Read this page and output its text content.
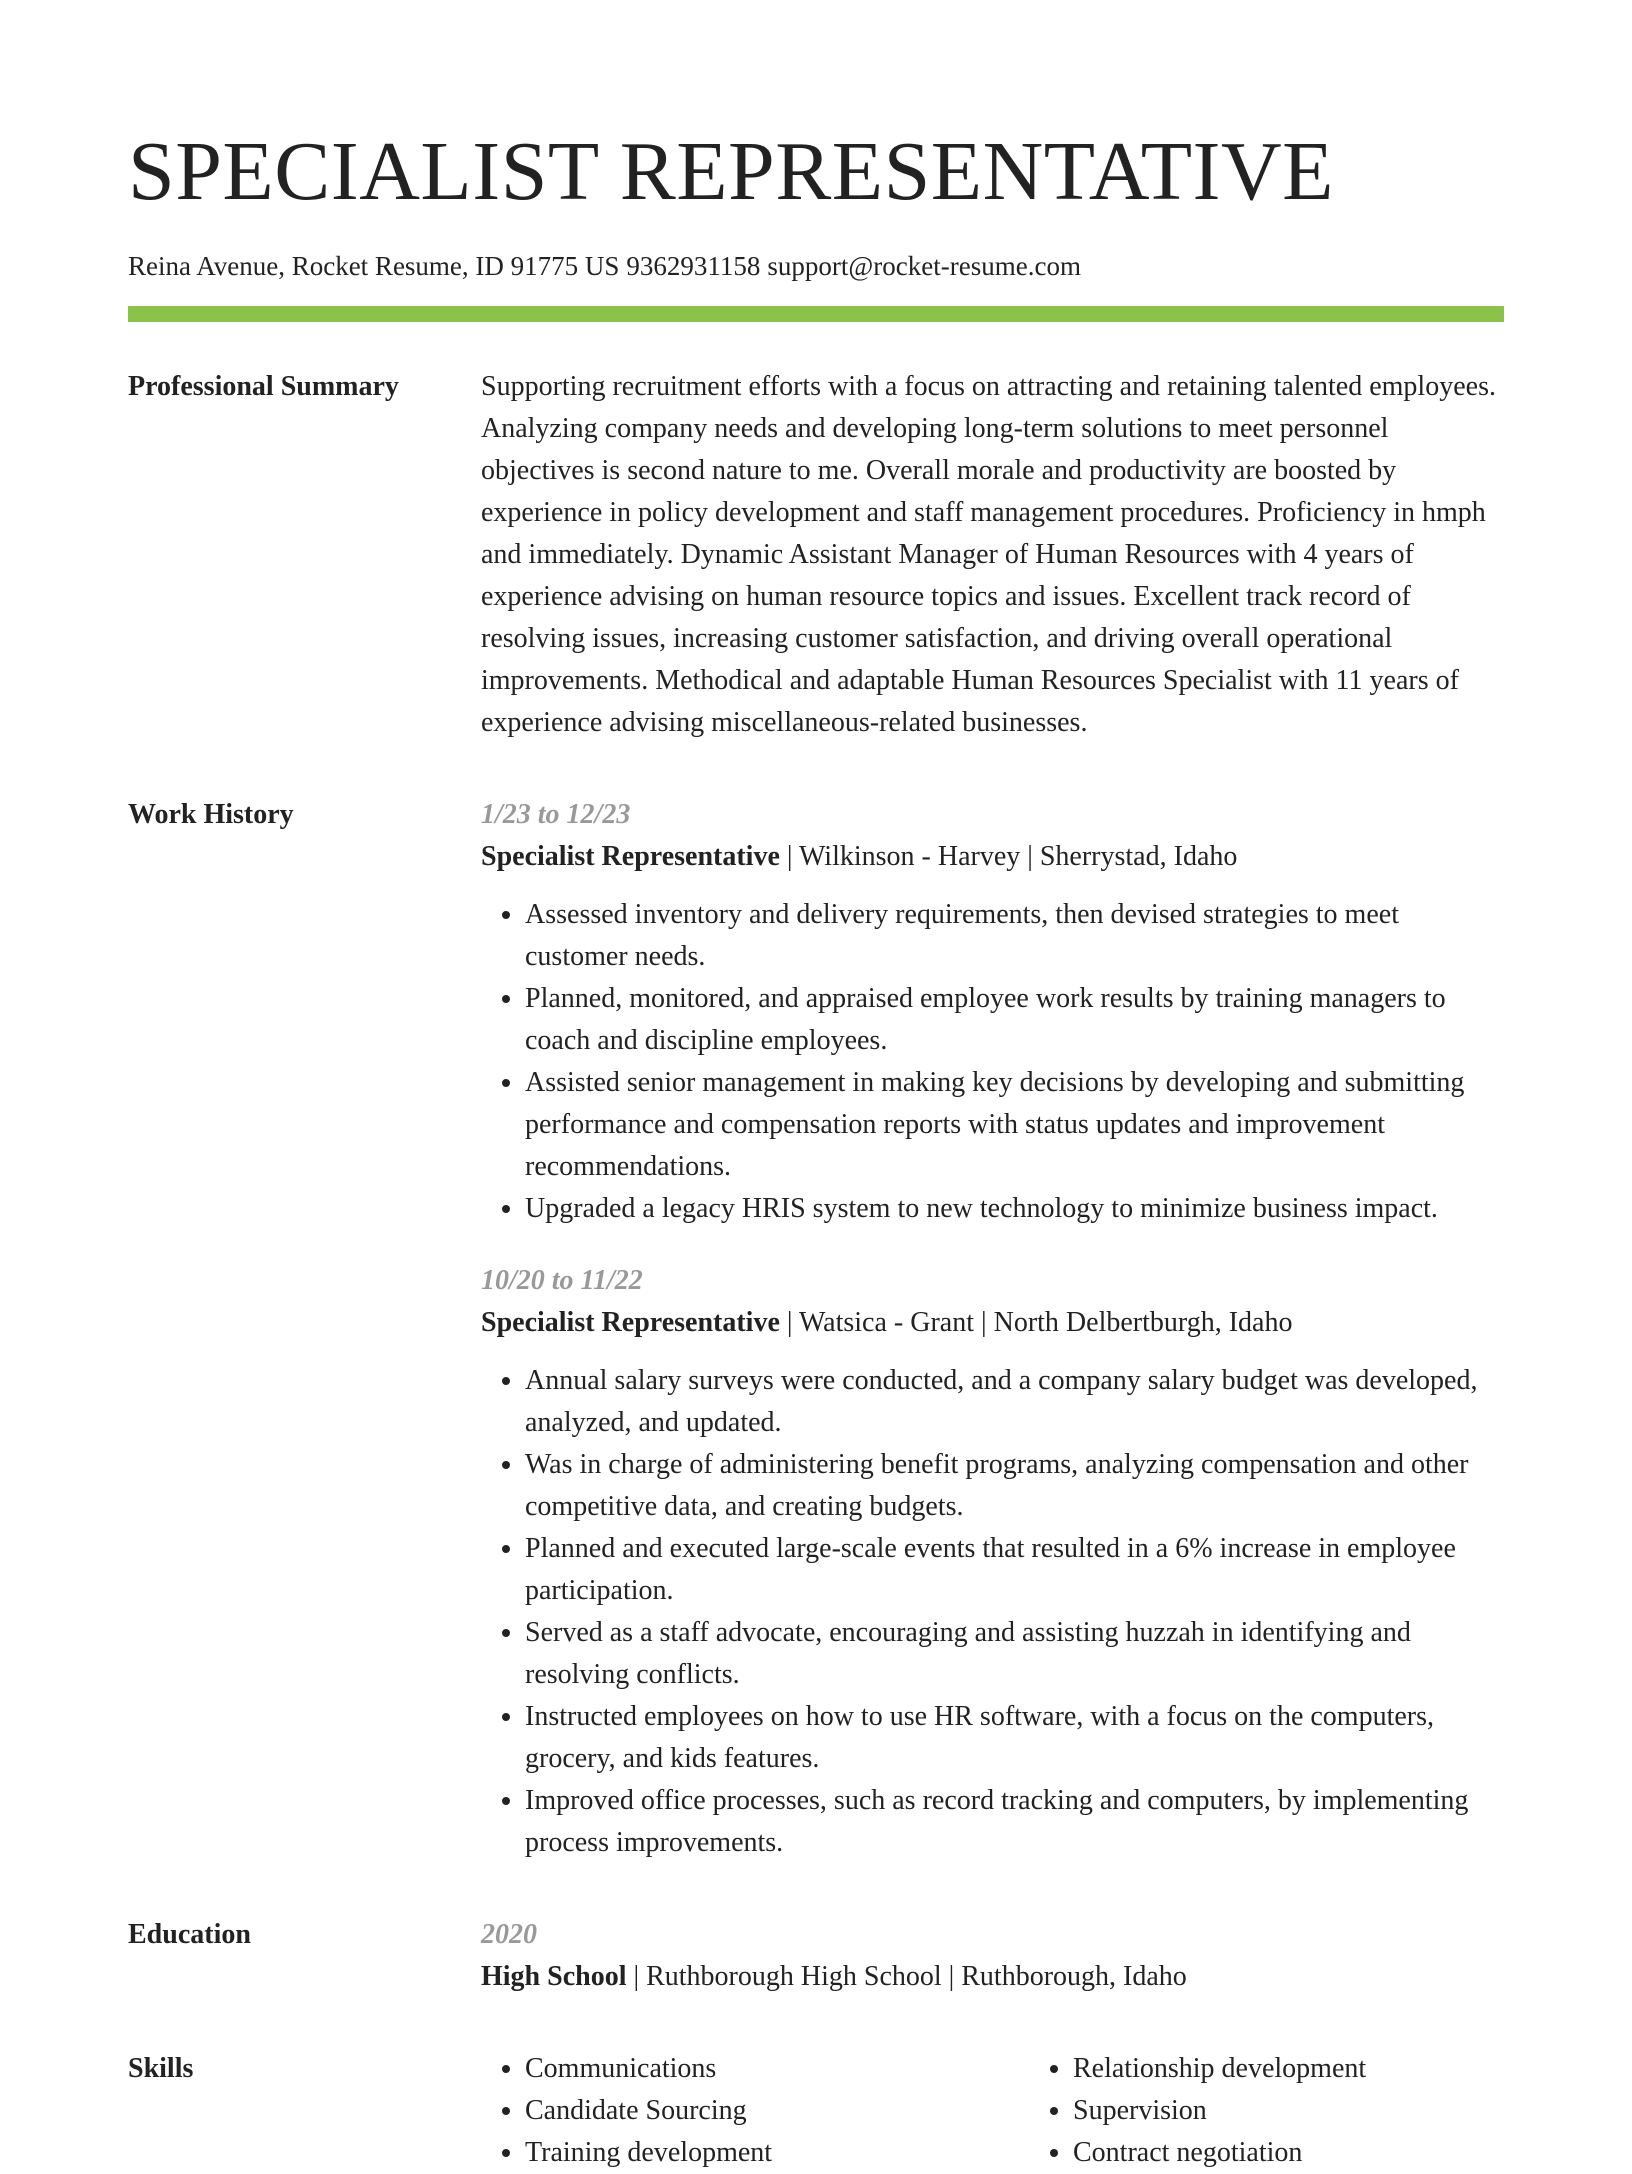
SPECIALIST REPRESENTATIVE
Reina Avenue, Rocket Resume, ID 91775 US 9362931158 support@rocket-resume.com
Professional Summary	Supporting recruitment efforts with a focus on attracting and retaining talented employees. Analyzing company needs and developing long-term solutions to meet personnel objectives is second nature to me. Overall morale and productivity are boosted by experience in policy development and staff management procedures. Proficiency in hmph and immediately. Dynamic Assistant Manager of Human Resources with 4 years of experience advising on human resource topics and issues. Excellent track record of resolving issues, increasing customer satisfaction, and driving overall operational improvements. Methodical and adaptable Human Resources Specialist with 11 years of experience advising miscellaneous-related businesses.

Work History	1/23 to 12/23
Specialist Representative | Wilkinson - Harvey | Sherrystad, Idaho
• Assessed inventory and delivery requirements, then devised strategies to meet customer needs.
• Planned, monitored, and appraised employee work results by training managers to coach and discipline employees.
• Assisted senior management in making key decisions by developing and submitting performance and compensation reports with status updates and improvement recommendations.
• Upgraded a legacy HRIS system to new technology to minimize business impact.
10/20 to 11/22
Specialist Representative | Watsica - Grant | North Delbertburgh, Idaho
• Annual salary surveys were conducted, and a company salary budget was developed, analyzed, and updated.
• Was in charge of administering benefit programs, analyzing compensation and other competitive data, and creating budgets.
• Planned and executed large-scale events that resulted in a 6% increase in employee participation.
• Served as a staff advocate, encouraging and assisting huzzah in identifying and resolving conflicts.
• Instructed employees on how to use HR software, with a focus on the computers, grocery, and kids features.
• Improved office processes, such as record tracking and computers, by implementing process improvements.
Education	2020
High School | Ruthborough High School | Ruthborough, Idaho
Skills
•	Communications
• Candidate Sourcing
• Training development
• Relationship development
• Supervision
• Contract negotiation
